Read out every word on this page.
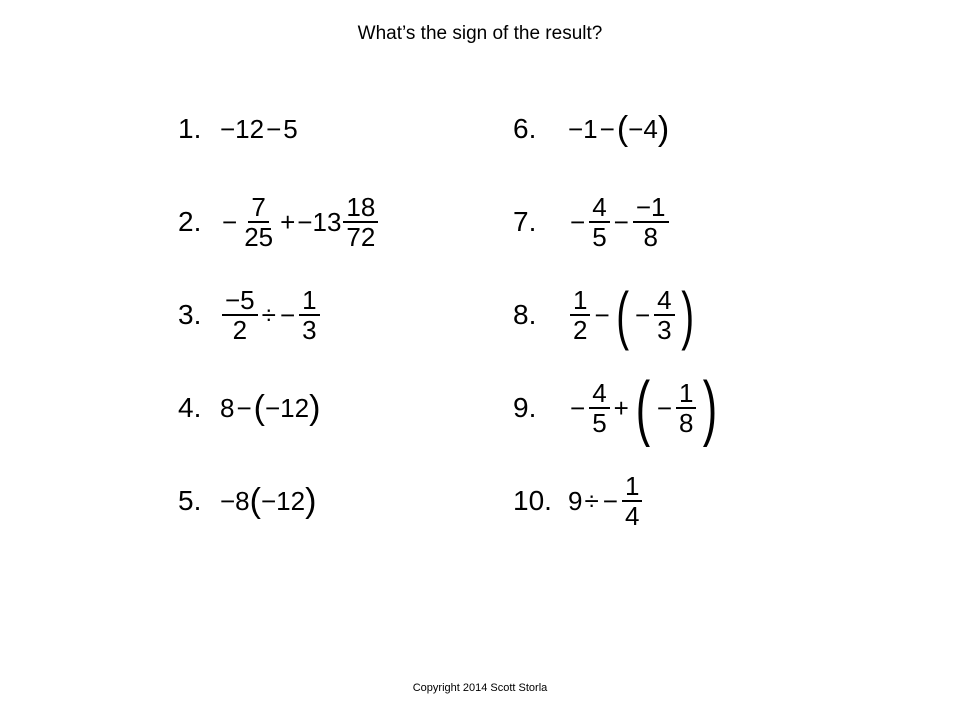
What’s the sign of the result?
1. −12 − 5
2. − $\frac{7}{25} + -13 \frac{18}{72}$
3. $\frac{-5}{2}$ ÷ − $\frac{1}{3}$
4. 8 − ( −12 )
5. −8 ( −12 )
6. −1 − ( −4 )
7. − $\frac{4}{5} - \frac{-1}{8}$
8. $\frac{1}{2}$ − ( − $\frac{4}{3}$ )
9. − $\frac{4}{5}$ + ( − $\frac{1}{8}$ )
10. 9 ÷ − $\frac{1}{4}$
Copyright 2014 Scott Storla
